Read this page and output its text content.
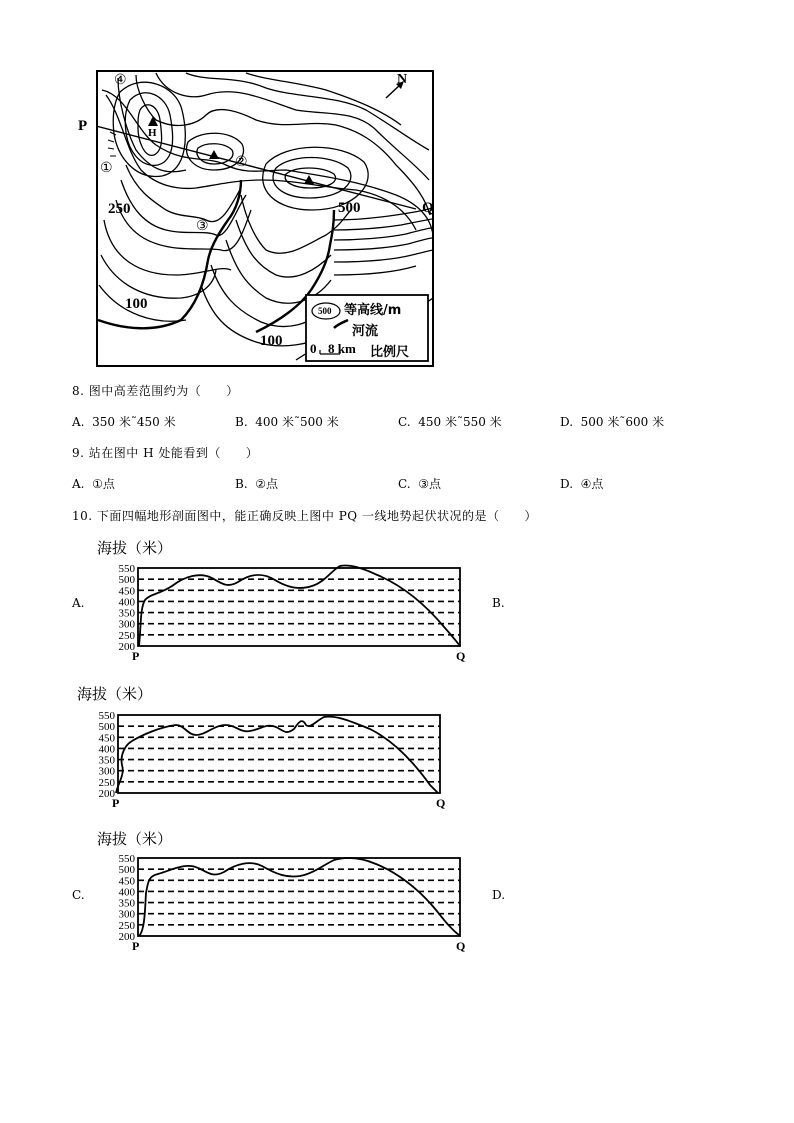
P
Q
N
H
250	500
100
100
①	②
③
④
500 等高线/m
河流
0 8 km 比例尺
8. 图中高差范围约为（　　）
A. 350 米˜450 米	B. 400 米˜500 米	C. 450 米˜550 米	D. 500 米˜600 米
9. 站在图中 H 处能看到（　　）
A. ①点	B. ②点	C. ③点	D. ④点
10. 下面四幅地形剖面图中，能正确反映上图中 PQ 一线地势起伏状况的是（　　）
海拔（米）
550
500
450
400
350
300
250
200
P	Q
A.	B.
海拔（米）
550
500
450
400
350
300
250
200
P	Q
海拔（米）
550
500
450
400
350
300
250
200
P	Q
C.	D.
